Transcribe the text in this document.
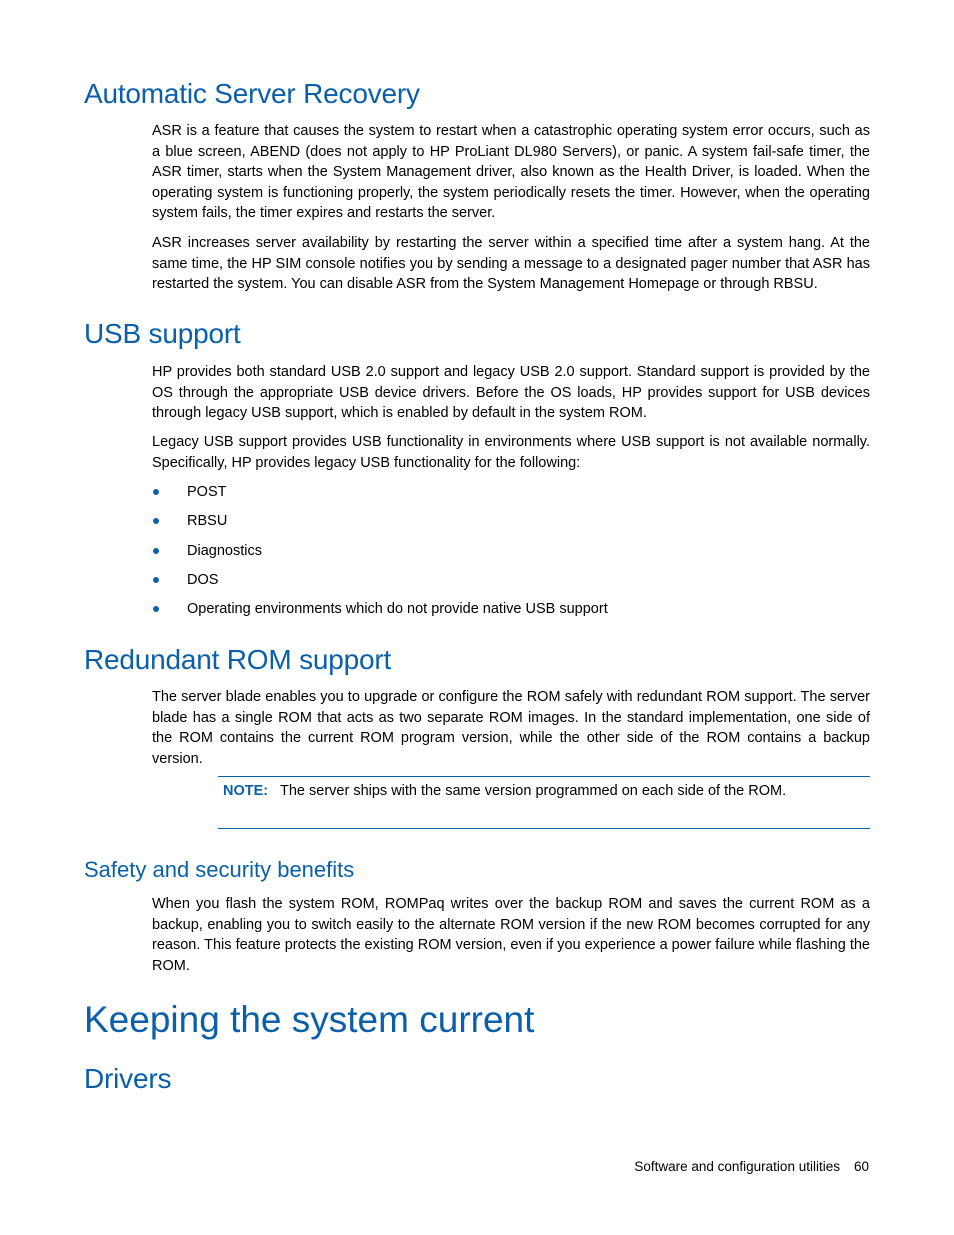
Automatic Server Recovery

ASR is a feature that causes the system to restart when a catastrophic operating system error occurs, such as a blue screen, ABEND (does not apply to HP ProLiant DL980 Servers), or panic. A system fail-safe timer, the ASR timer, starts when the System Management driver, also known as the Health Driver, is loaded. When the operating system is functioning properly, the system periodically resets the timer. However, when the operating system fails, the timer expires and restarts the server.

ASR increases server availability by restarting the server within a specified time after a system hang. At the same time, the HP SIM console notifies you by sending a message to a designated pager number that ASR has restarted the system. You can disable ASR from the System Management Homepage or through RBSU.

USB support

HP provides both standard USB 2.0 support and legacy USB 2.0 support. Standard support is provided by the OS through the appropriate USB device drivers. Before the OS loads, HP provides support for USB devices through legacy USB support, which is enabled by default in the system ROM.

Legacy USB support provides USB functionality in environments where USB support is not available normally. Specifically, HP provides legacy USB functionality for the following:

POST
RBSU
Diagnostics
DOS
Operating environments which do not provide native USB support
Redundant ROM support

The server blade enables you to upgrade or configure the ROM safely with redundant ROM support. The server blade has a single ROM that acts as two separate ROM images. In the standard implementation, one side of the ROM contains the current ROM program version, while the other side of the ROM contains a backup version.

NOTE: The server ships with the same version programmed on each side of the ROM.
Safety and security benefits

When you flash the system ROM, ROMPaq writes over the backup ROM and saves the current ROM as a backup, enabling you to switch easily to the alternate ROM version if the new ROM becomes corrupted for any reason. This feature protects the existing ROM version, even if you experience a power failure while flashing the ROM.

Keeping the system current
Drivers
Software and configuration utilities 60
